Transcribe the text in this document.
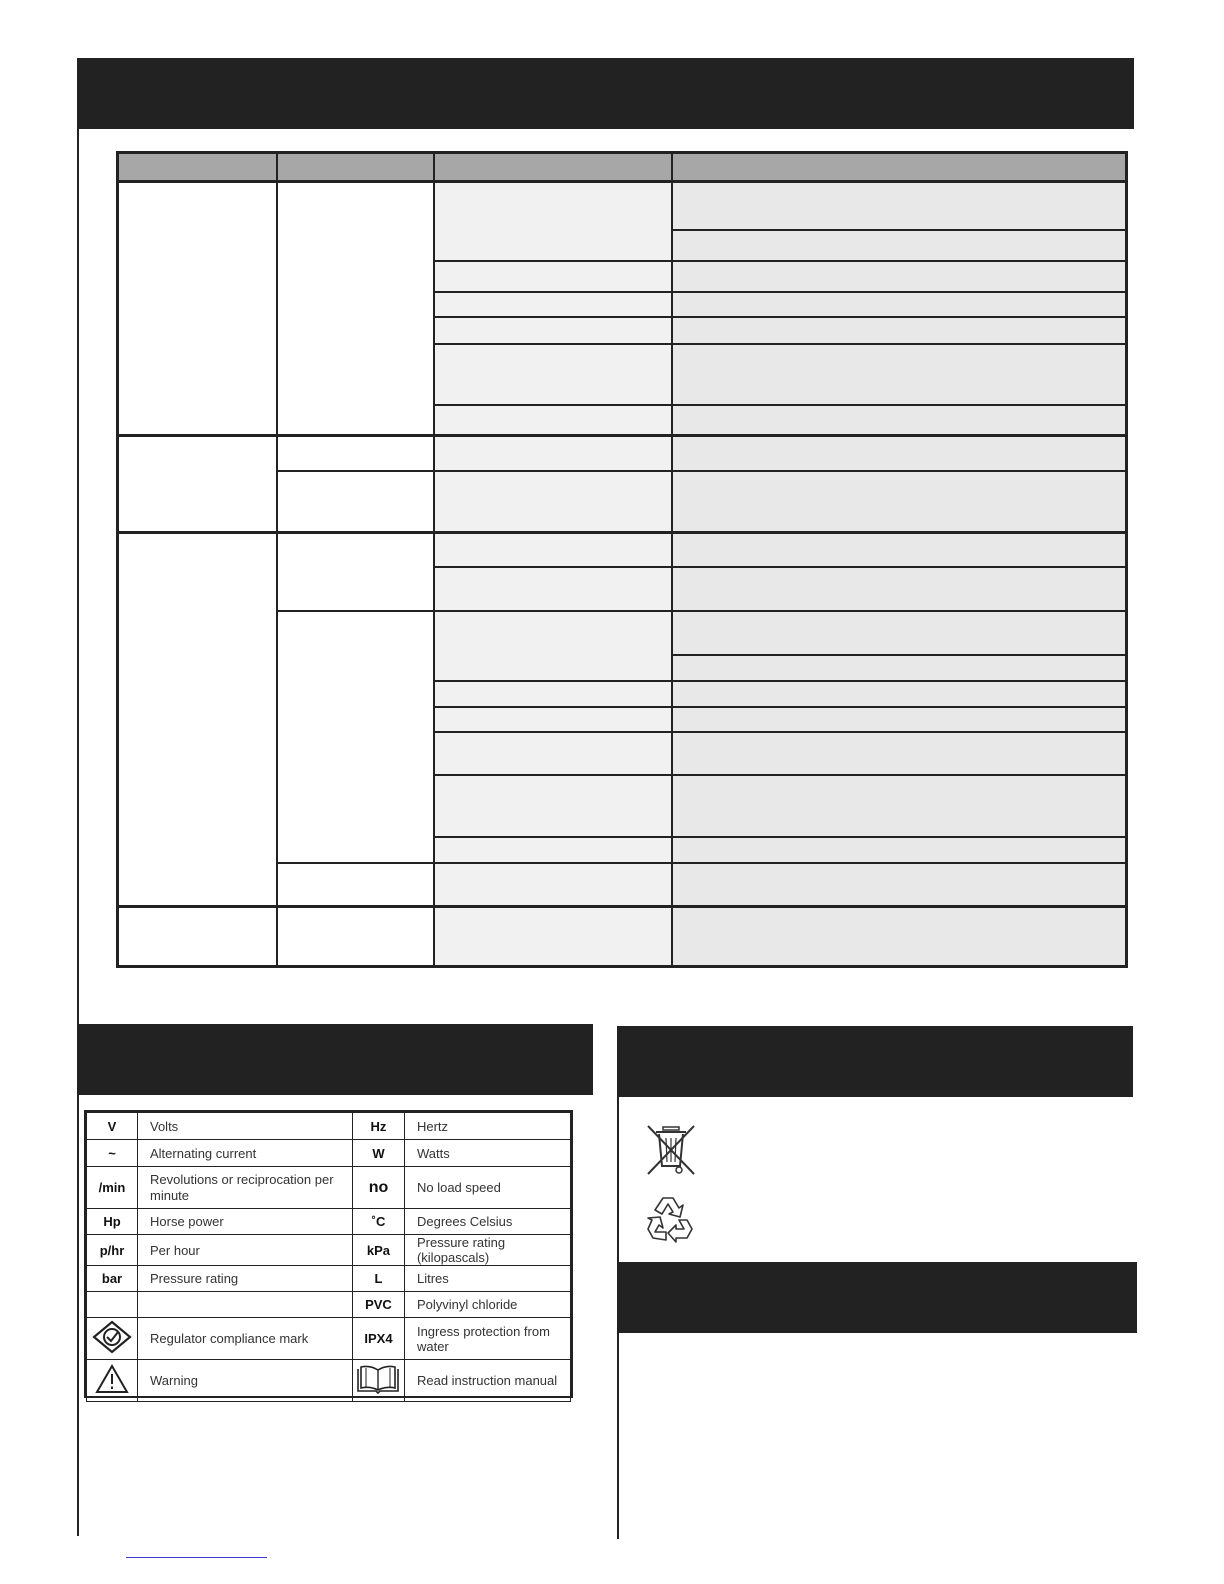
V	Volts	Hz	Hertz
~	Alternating current	W	Watts
/min	Revolutions or reciprocation per minute	no	No load speed
Hp	Horse power	˚C	Degrees Celsius
p/hr	Per hour	kPa	Pressure rating (kilopascals)
bar	Pressure rating	L	Litres
		PVC	Polyvinyl chloride
	Regulator compliance mark	IPX4	Ingress protection from water
	Warning		Read instruction manual
